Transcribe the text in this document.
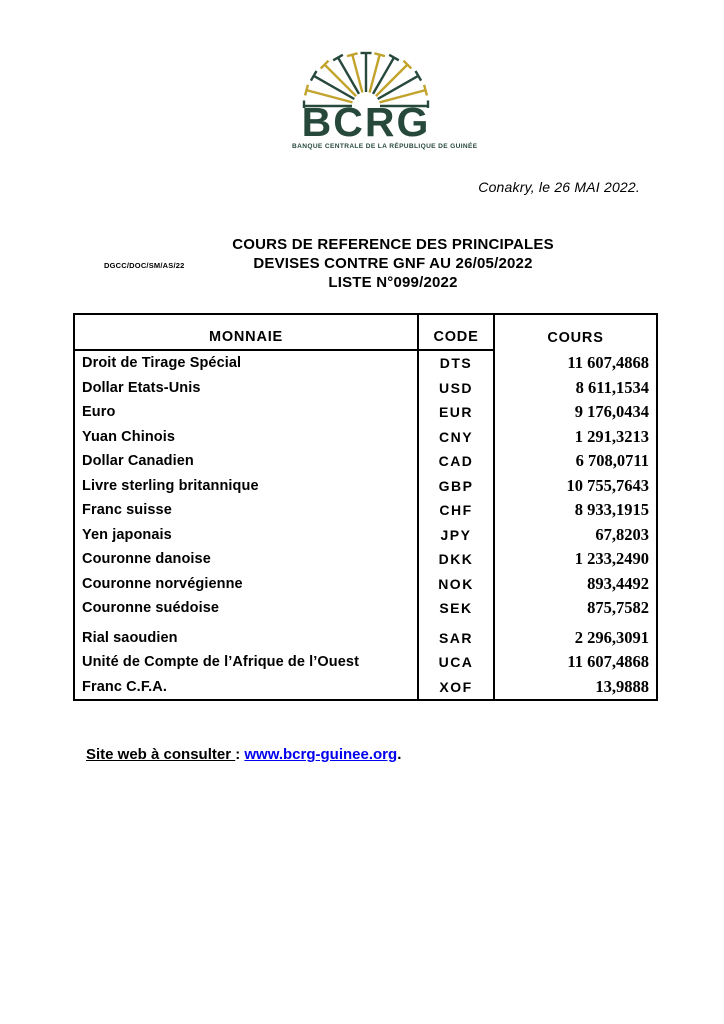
BCRG
BANQUE CENTRALE DE LA RÉPUBLIQUE DE GUINÉE
Conakry, le 26 MAI 2022.
DGCC/DOC/SM/AS/22
COURS DE REFERENCE DES PRINCIPALES
DEVISES CONTRE GNF AU 26/05/2022
LISTE N°099/2022
MONNAIE	CODE	COURS
Droit de Tirage Spécial	DTS	11 607,4868
Dollar Etats-Unis	USD	8 611,1534
Euro	EUR	9 176,0434
Yuan Chinois	CNY	1 291,3213
Dollar Canadien	CAD	6 708,0711
Livre sterling britannique	GBP	10 755,7643
Franc suisse	CHF	8 933,1915
Yen japonais	JPY	67,8203
Couronne danoise	DKK	1 233,2490
Couronne norvégienne	NOK	893,4492
Couronne suédoise	SEK	875,7582
Rial saoudien	SAR	2 296,3091
Unité de Compte de l’Afrique de l’Ouest	UCA	11 607,4868
Franc C.F.A.	XOF	13,9888
Site web à consulter : www.bcrg-guinee.org.
